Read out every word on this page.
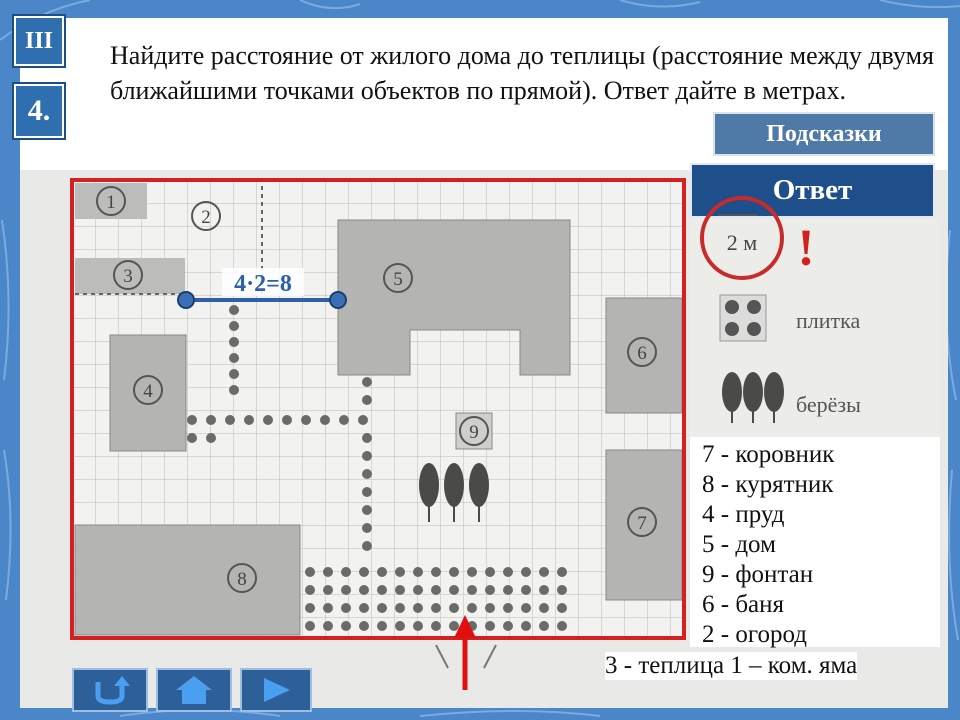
III
4.

Найдите расстояние от жилого дома до теплицы (расстояние между двумя ближайшими точками объектов по прямой). Ответ дайте в метрах.

Подсказки
Ответ
1
2
3
4
5
6
7
8
9
4·2=8
2 м !
плитка
берёзы
7 - коровник
8 - курятник
4 - пруд
5 - дом
9 - фонтан
6 - баня
2 - огород
3 - теплица 1 – ком. яма
